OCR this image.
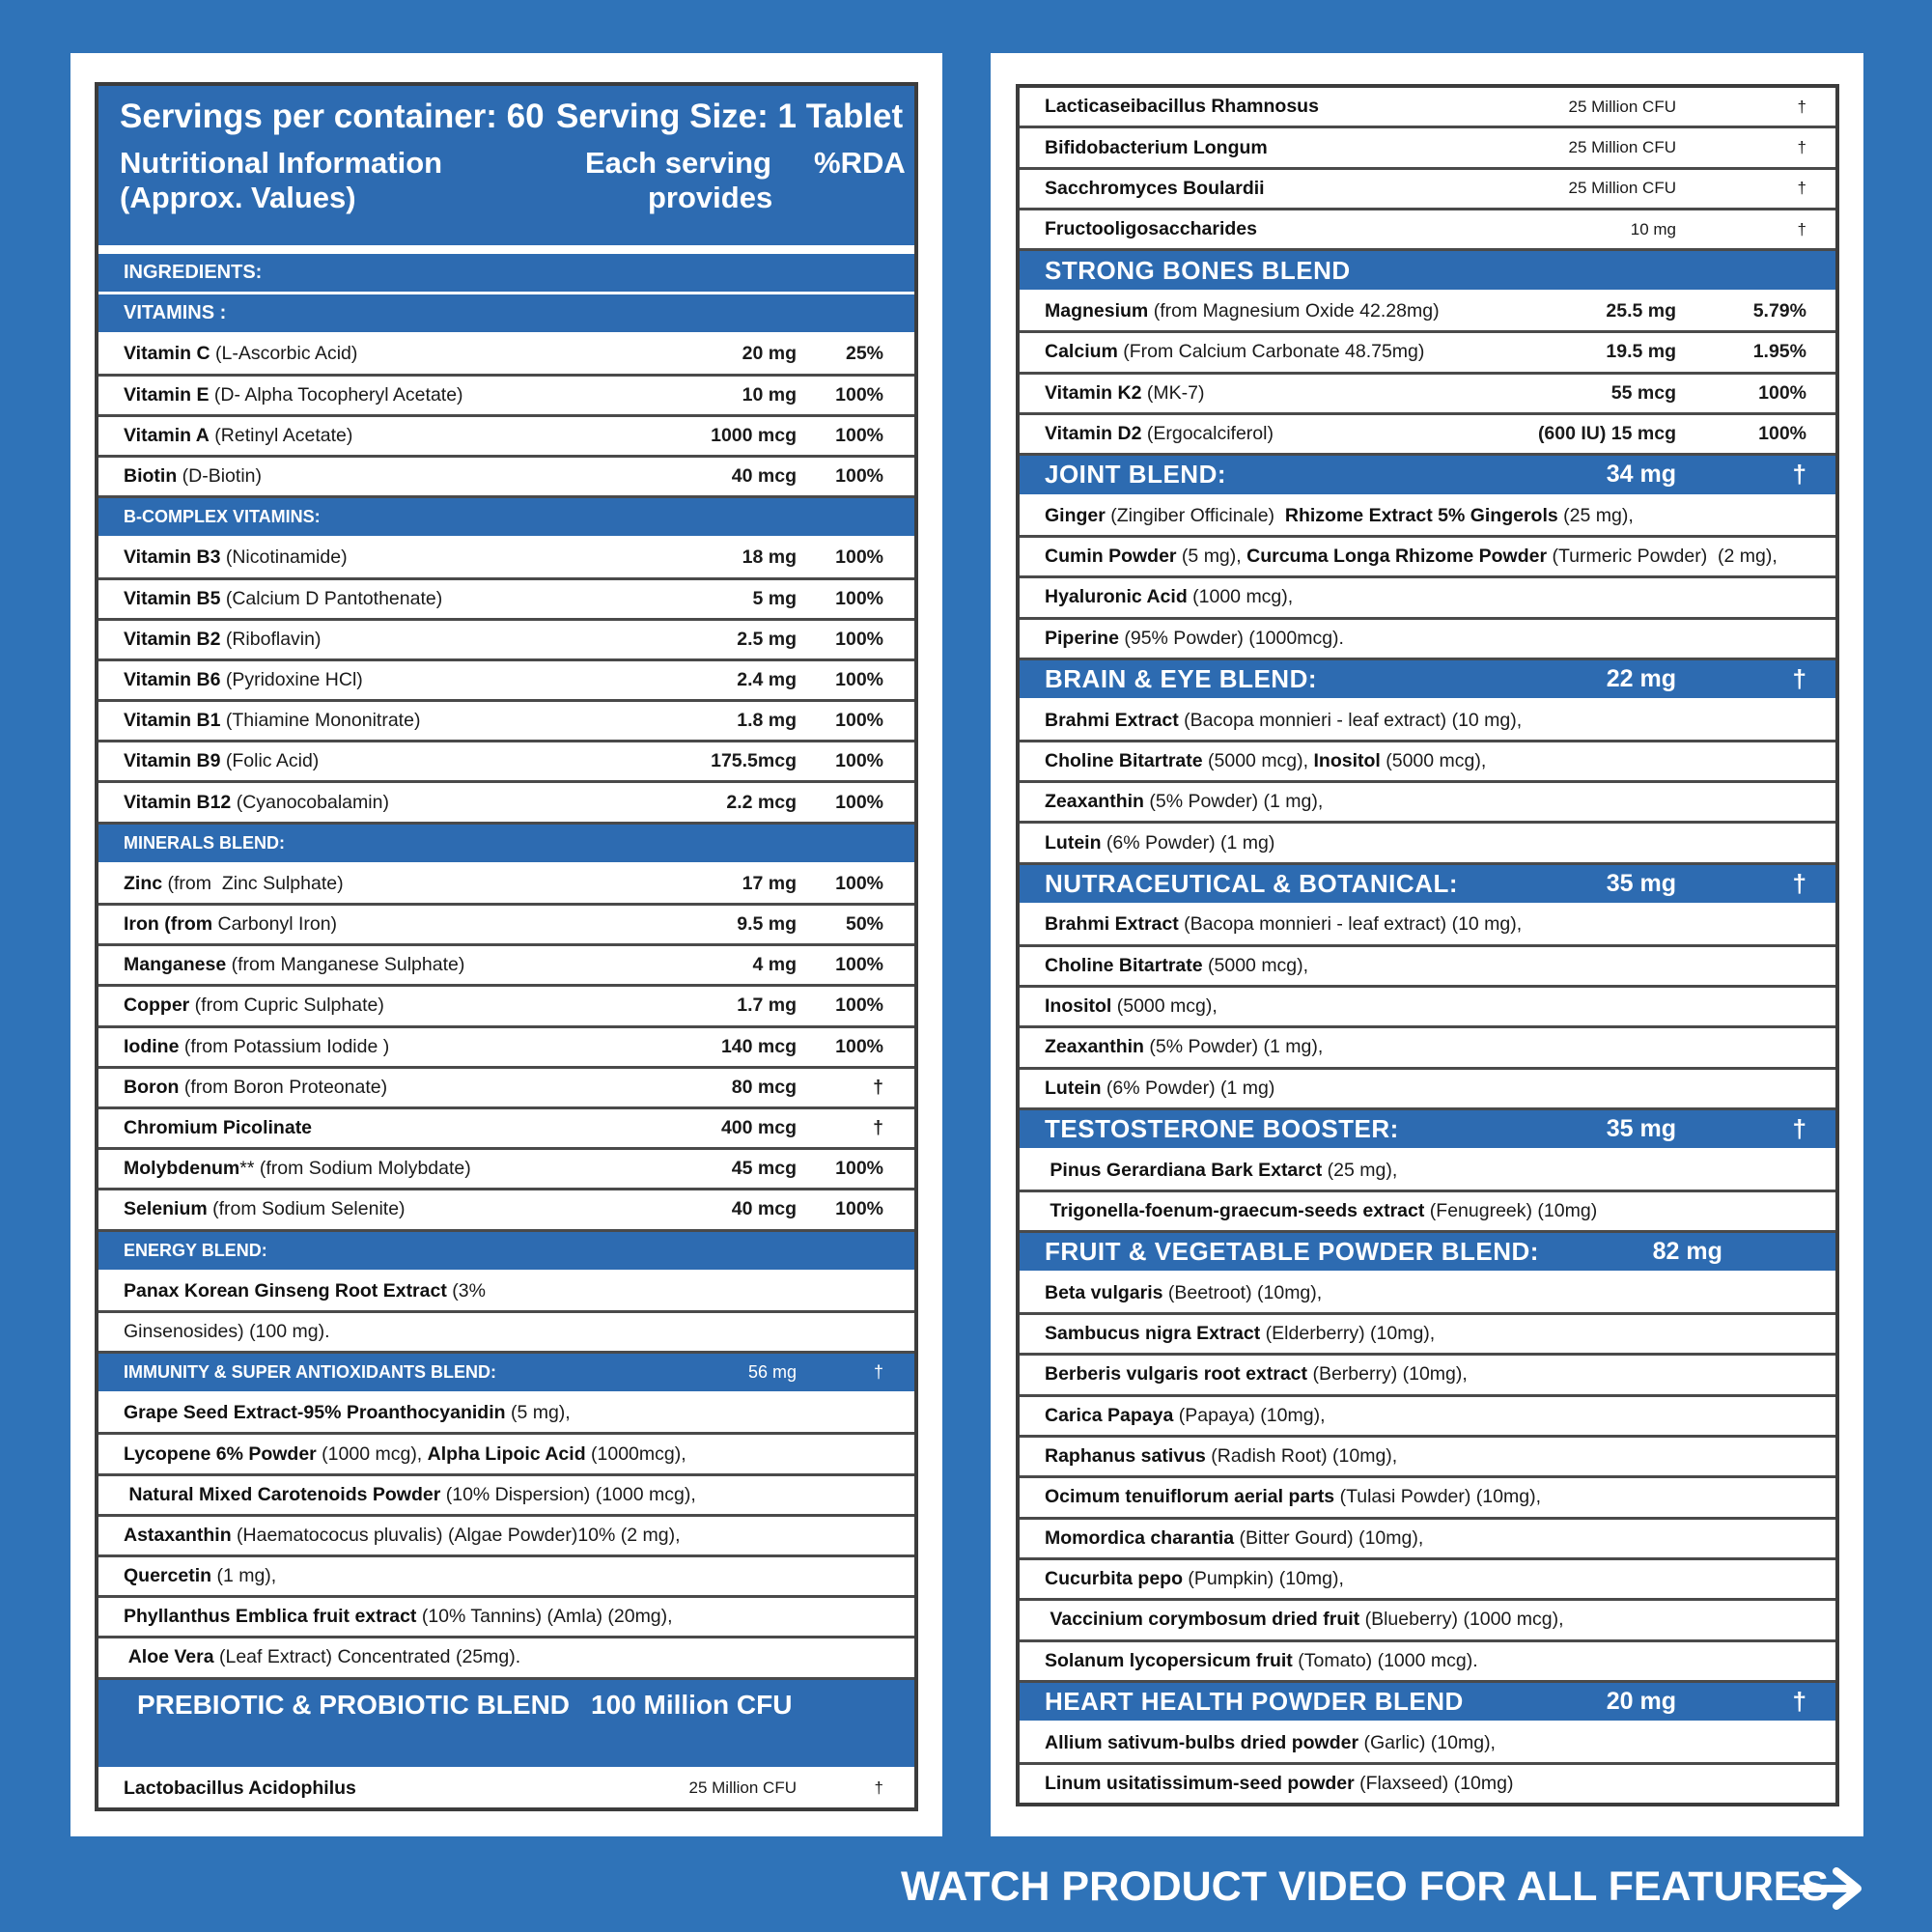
Servings per container: 60 Serving Size: 1 Tablet
Nutritional Information
(Approx. Values)
Each serving
provides
%RDA
INGREDIENTS:
VITAMINS :
Vitamin C (L-Ascorbic Acid)	20 mg	25%
Vitamin E (D- Alpha Tocopheryl Acetate)	10 mg	100%
Vitamin A (Retinyl Acetate)	1000 mcg	100%
Biotin (D-Biotin)	40 mcg	100%
B-COMPLEX VITAMINS:
Vitamin B3 (Nicotinamide)	18 mg	100%
Vitamin B5 (Calcium D Pantothenate)	5 mg	100%
Vitamin B2 (Riboflavin)	2.5 mg	100%
Vitamin B6 (Pyridoxine HCl)	2.4 mg	100%
Vitamin B1 (Thiamine Mononitrate)	1.8 mg	100%
Vitamin B9 (Folic Acid)	175.5mcg	100%
Vitamin B12 (Cyanocobalamin)	2.2 mcg	100%
MINERALS BLEND:
Zinc (from  Zinc Sulphate)	17 mg	100%
Iron (from Carbonyl Iron)	9.5 mg	50%
Manganese (from Manganese Sulphate)	4 mg	100%
Copper (from Cupric Sulphate)	1.7 mg	100%
Iodine (from Potassium Iodide )	140 mcg	100%
Boron (from Boron Proteonate)	80 mcg	†
Chromium Picolinate	400 mcg	†
Molybdenum** (from Sodium Molybdate)	45 mcg	100%
Selenium (from Sodium Selenite)	40 mcg	100%
ENERGY BLEND:
Panax Korean Ginseng Root Extract (3%
Ginsenosides) (100 mg).
IMMUNITY & SUPER ANTIOXIDANTS BLEND:	56 mg	†
Grape Seed Extract-95% Proanthocyanidin (5 mg),
Lycopene 6% Powder (1000 mcg), Alpha Lipoic Acid (1000mcg),
Natural Mixed Carotenoids Powder (10% Dispersion) (1000 mcg),
Astaxanthin (Haematococus pluvalis) (Algae Powder)10% (2 mg),
Quercetin (1 mg),
Phyllanthus Emblica fruit extract (10% Tannins) (Amla) (20mg),
Aloe Vera (Leaf Extract) Concentrated (25mg).
PREBIOTIC & PROBIOTIC BLEND 100 Million CFU
Lactobacillus Acidophilus	25 Million CFU	†
Lacticaseibacillus Rhamnosus	25 Million CFU	†
Bifidobacterium Longum	25 Million CFU	†
Sacchromyces Boulardii	25 Million CFU	†
Fructooligosaccharides	10 mg	†
STRONG BONES BLEND
Magnesium (from Magnesium Oxide 42.28mg)	25.5 mg	5.79%
Calcium (From Calcium Carbonate 48.75mg)	19.5 mg	1.95%
Vitamin K2 (MK-7)	55 mcg	100%
Vitamin D2 (Ergocalciferol)	(600 IU) 15 mcg	100%
JOINT BLEND:	34 mg	†
Ginger (Zingiber Officinale)  Rhizome Extract 5% Gingerols (25 mg),
Cumin Powder (5 mg), Curcuma Longa Rhizome Powder (Turmeric Powder)  (2 mg),
Hyaluronic Acid (1000 mcg),
Piperine (95% Powder) (1000mcg).
BRAIN & EYE BLEND:	22 mg	†
Brahmi Extract (Bacopa monnieri - leaf extract) (10 mg),
Choline Bitartrate (5000 mcg), Inositol (5000 mcg),
Zeaxanthin (5% Powder) (1 mg),
Lutein (6% Powder) (1 mg)
NUTRACEUTICAL & BOTANICAL:	35 mg	†
Brahmi Extract (Bacopa monnieri - leaf extract) (10 mg),
Choline Bitartrate (5000 mcg),
Inositol (5000 mcg),
Zeaxanthin (5% Powder) (1 mg),
Lutein (6% Powder) (1 mg)
TESTOSTERONE BOOSTER:	35 mg	†
Pinus Gerardiana Bark Extarct (25 mg),
Trigonella-foenum-graecum-seeds extract (Fenugreek) (10mg)
FRUIT & VEGETABLE POWDER BLEND:	82 mg	†
Beta vulgaris (Beetroot) (10mg),
Sambucus nigra Extract (Elderberry) (10mg),
Berberis vulgaris root extract (Berberry) (10mg),
Carica Papaya (Papaya) (10mg),
Raphanus sativus (Radish Root) (10mg),
Ocimum tenuiflorum aerial parts (Tulasi Powder) (10mg),
Momordica charantia (Bitter Gourd) (10mg),
Cucurbita pepo (Pumpkin) (10mg),
Vaccinium corymbosum dried fruit (Blueberry) (1000 mcg),
Solanum lycopersicum fruit (Tomato) (1000 mcg).
HEART HEALTH POWDER BLEND	20 mg	†
Allium sativum-bulbs dried powder (Garlic) (10mg),
Linum usitatissimum-seed powder (Flaxseed) (10mg)
WATCH PRODUCT VIDEO FOR ALL FEATURES
